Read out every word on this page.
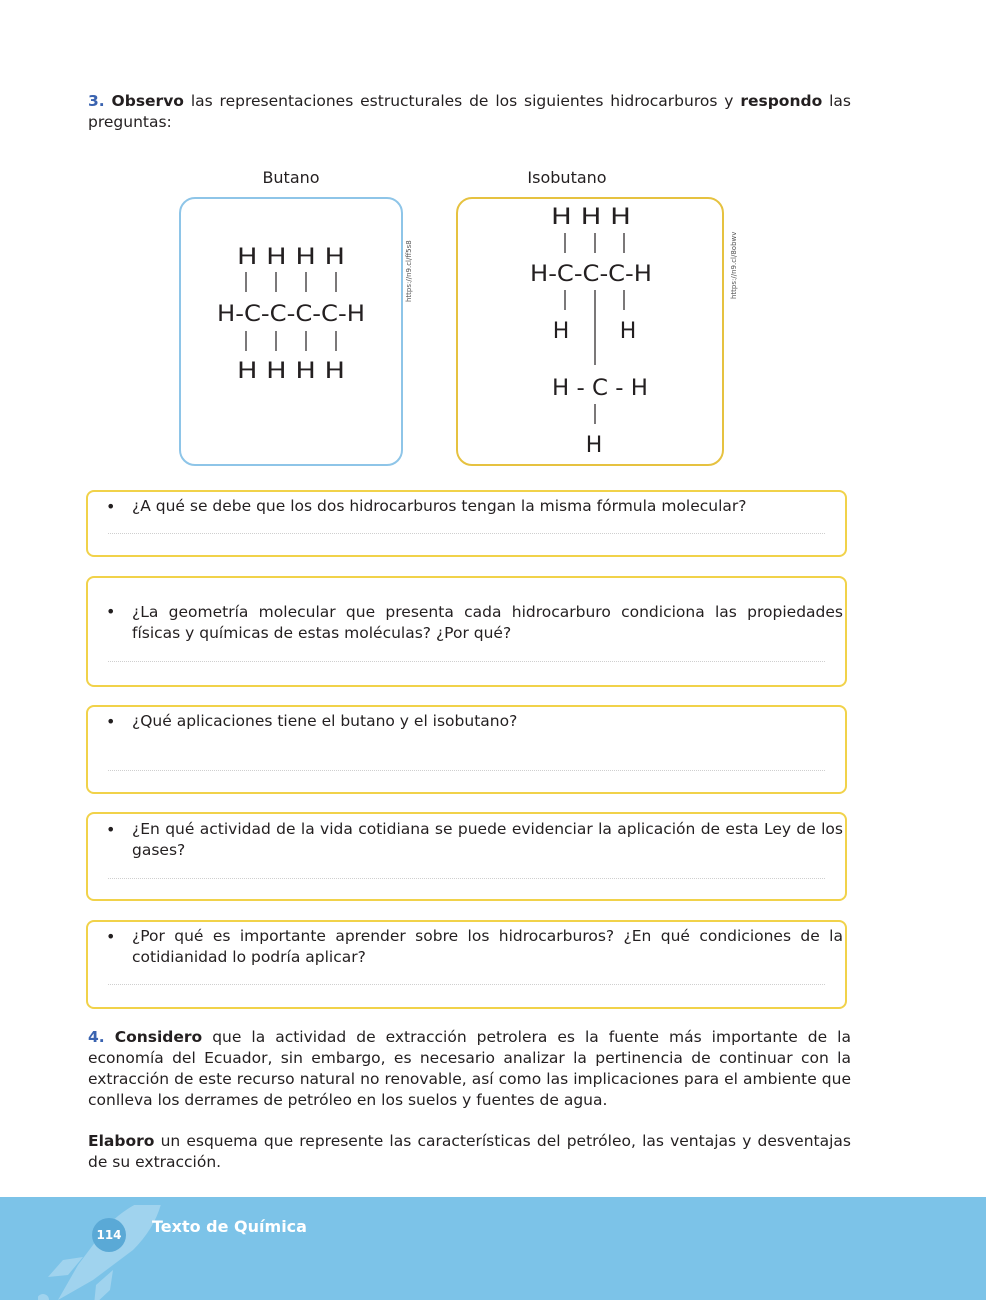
3. Observo las representaciones estructurales de los siguientes hidrocarburos y respondo las preguntas:

Butano
H H H H
H-C-C-C-C-H
H H H H
https://n9.cl/ff5s8
Isobutano
H H H
H-C-C-C-H
H H
H - C - H
H
https://n9.cl/8obwv
• ¿A qué se debe que los dos hidrocarburos tengan la misma fórmula molecular?

• ¿La geometría molecular que presenta cada hidrocarburo condiciona las propiedades físicas y químicas de estas moléculas? ¿Por qué?

• ¿Qué aplicaciones tiene el butano y el isobutano?

• ¿En qué actividad de la vida cotidiana se puede evidenciar la aplicación de esta Ley de los gases?

• ¿Por qué es importante aprender sobre los hidrocarburos? ¿En qué condiciones de la cotidianidad lo podría aplicar?

4. Considero que la actividad de extracción petrolera es la fuente más importante de la economía del Ecuador, sin embargo, es necesario analizar la pertinencia de continuar con la extracción de este recurso natural no renovable, así como las implicaciones para el ambiente que conlleva los derrames de petróleo en los suelos y fuentes de agua.

Elaboro un esquema que represente las características del petróleo, las ventajas y desventajas de su extracción.

114 Texto de Química
